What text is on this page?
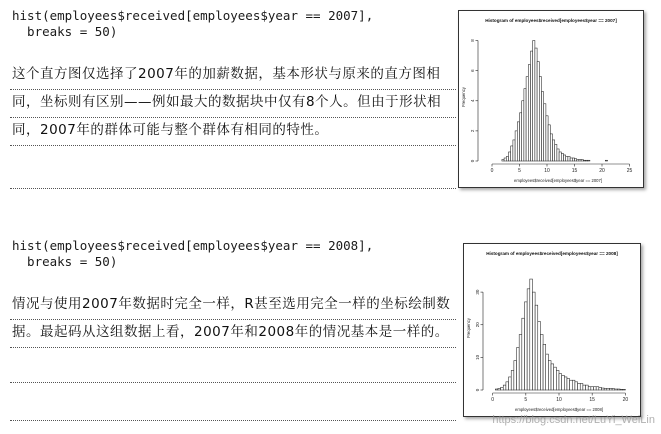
hist(employees$received[employees$year == 2007],
breaks = 50)
这个直方图仅选择了2007年的加薪数据，基本形状与原来的直方图相同，坐标则有区别——例如最大的数据块中仅有8个人。但由于形状相同，2007年的群体可能与整个群体有相同的特性。
Histogram of employees$received[employees$year == 2007]
0	5	10	15	20	25
0
2
4
6
8
employees$received[employees$year == 2007]
Frequency
hist(employees$received[employees$year == 2008],
breaks = 50)
情况与使用2007年数据时完全一样，R甚至选用完全一样的坐标绘制数据。最起码从这组数据上看，2007年和2008年的情况基本是一样的。
Histogram of employees$received[employees$year == 2008]
0	5	10	15	20
0
10
20
30
employees$received[employees$year == 2008]
Frequency
https://blog.csdn.net/LuYi_WeiLin
